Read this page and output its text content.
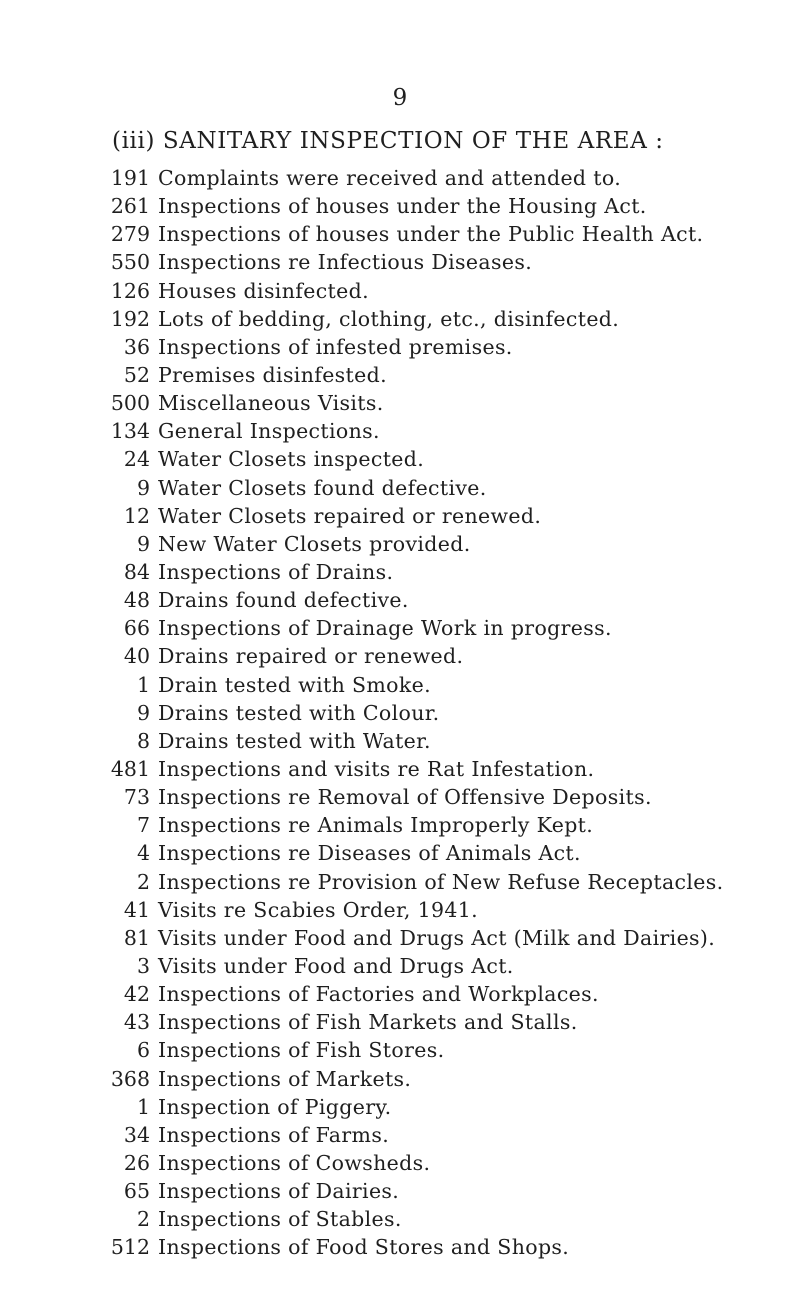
9
(iii) SANITARY INSPECTION OF THE AREA :
191 Complaints were received and attended to.
261 Inspections of houses under the Housing Act.
279 Inspections of houses under the Public Health Act.
550 Inspections re Infectious Diseases.
126 Houses disinfected.
192 Lots of bedding, clothing, etc., disinfected.
36 Inspections of infested premises.
52 Premises disinfested.
500 Miscellaneous Visits.
134 General Inspections.
24 Water Closets inspected.
9 Water Closets found defective.
12 Water Closets repaired or renewed.
9 New Water Closets provided.
84 Inspections of Drains.
48 Drains found defective.
66 Inspections of Drainage Work in progress.
40 Drains repaired or renewed.
1 Drain tested with Smoke.
9 Drains tested with Colour.
8 Drains tested with Water.
481 Inspections and visits re Rat Infestation.
73 Inspections re Removal of Offensive Deposits.
7 Inspections re Animals Improperly Kept.
4 Inspections re Diseases of Animals Act.
2 Inspections re Provision of New Refuse Receptacles.
41 Visits re Scabies Order, 1941.
81 Visits under Food and Drugs Act (Milk and Dairies).
3 Visits under Food and Drugs Act.
42 Inspections of Factories and Workplaces.
43 Inspections of Fish Markets and Stalls.
6 Inspections of Fish Stores.
368 Inspections of Markets.
1 Inspection of Piggery.
34 Inspections of Farms.
26 Inspections of Cowsheds.
65 Inspections of Dairies.
2 Inspections of Stables.
512 Inspections of Food Stores and Shops.
